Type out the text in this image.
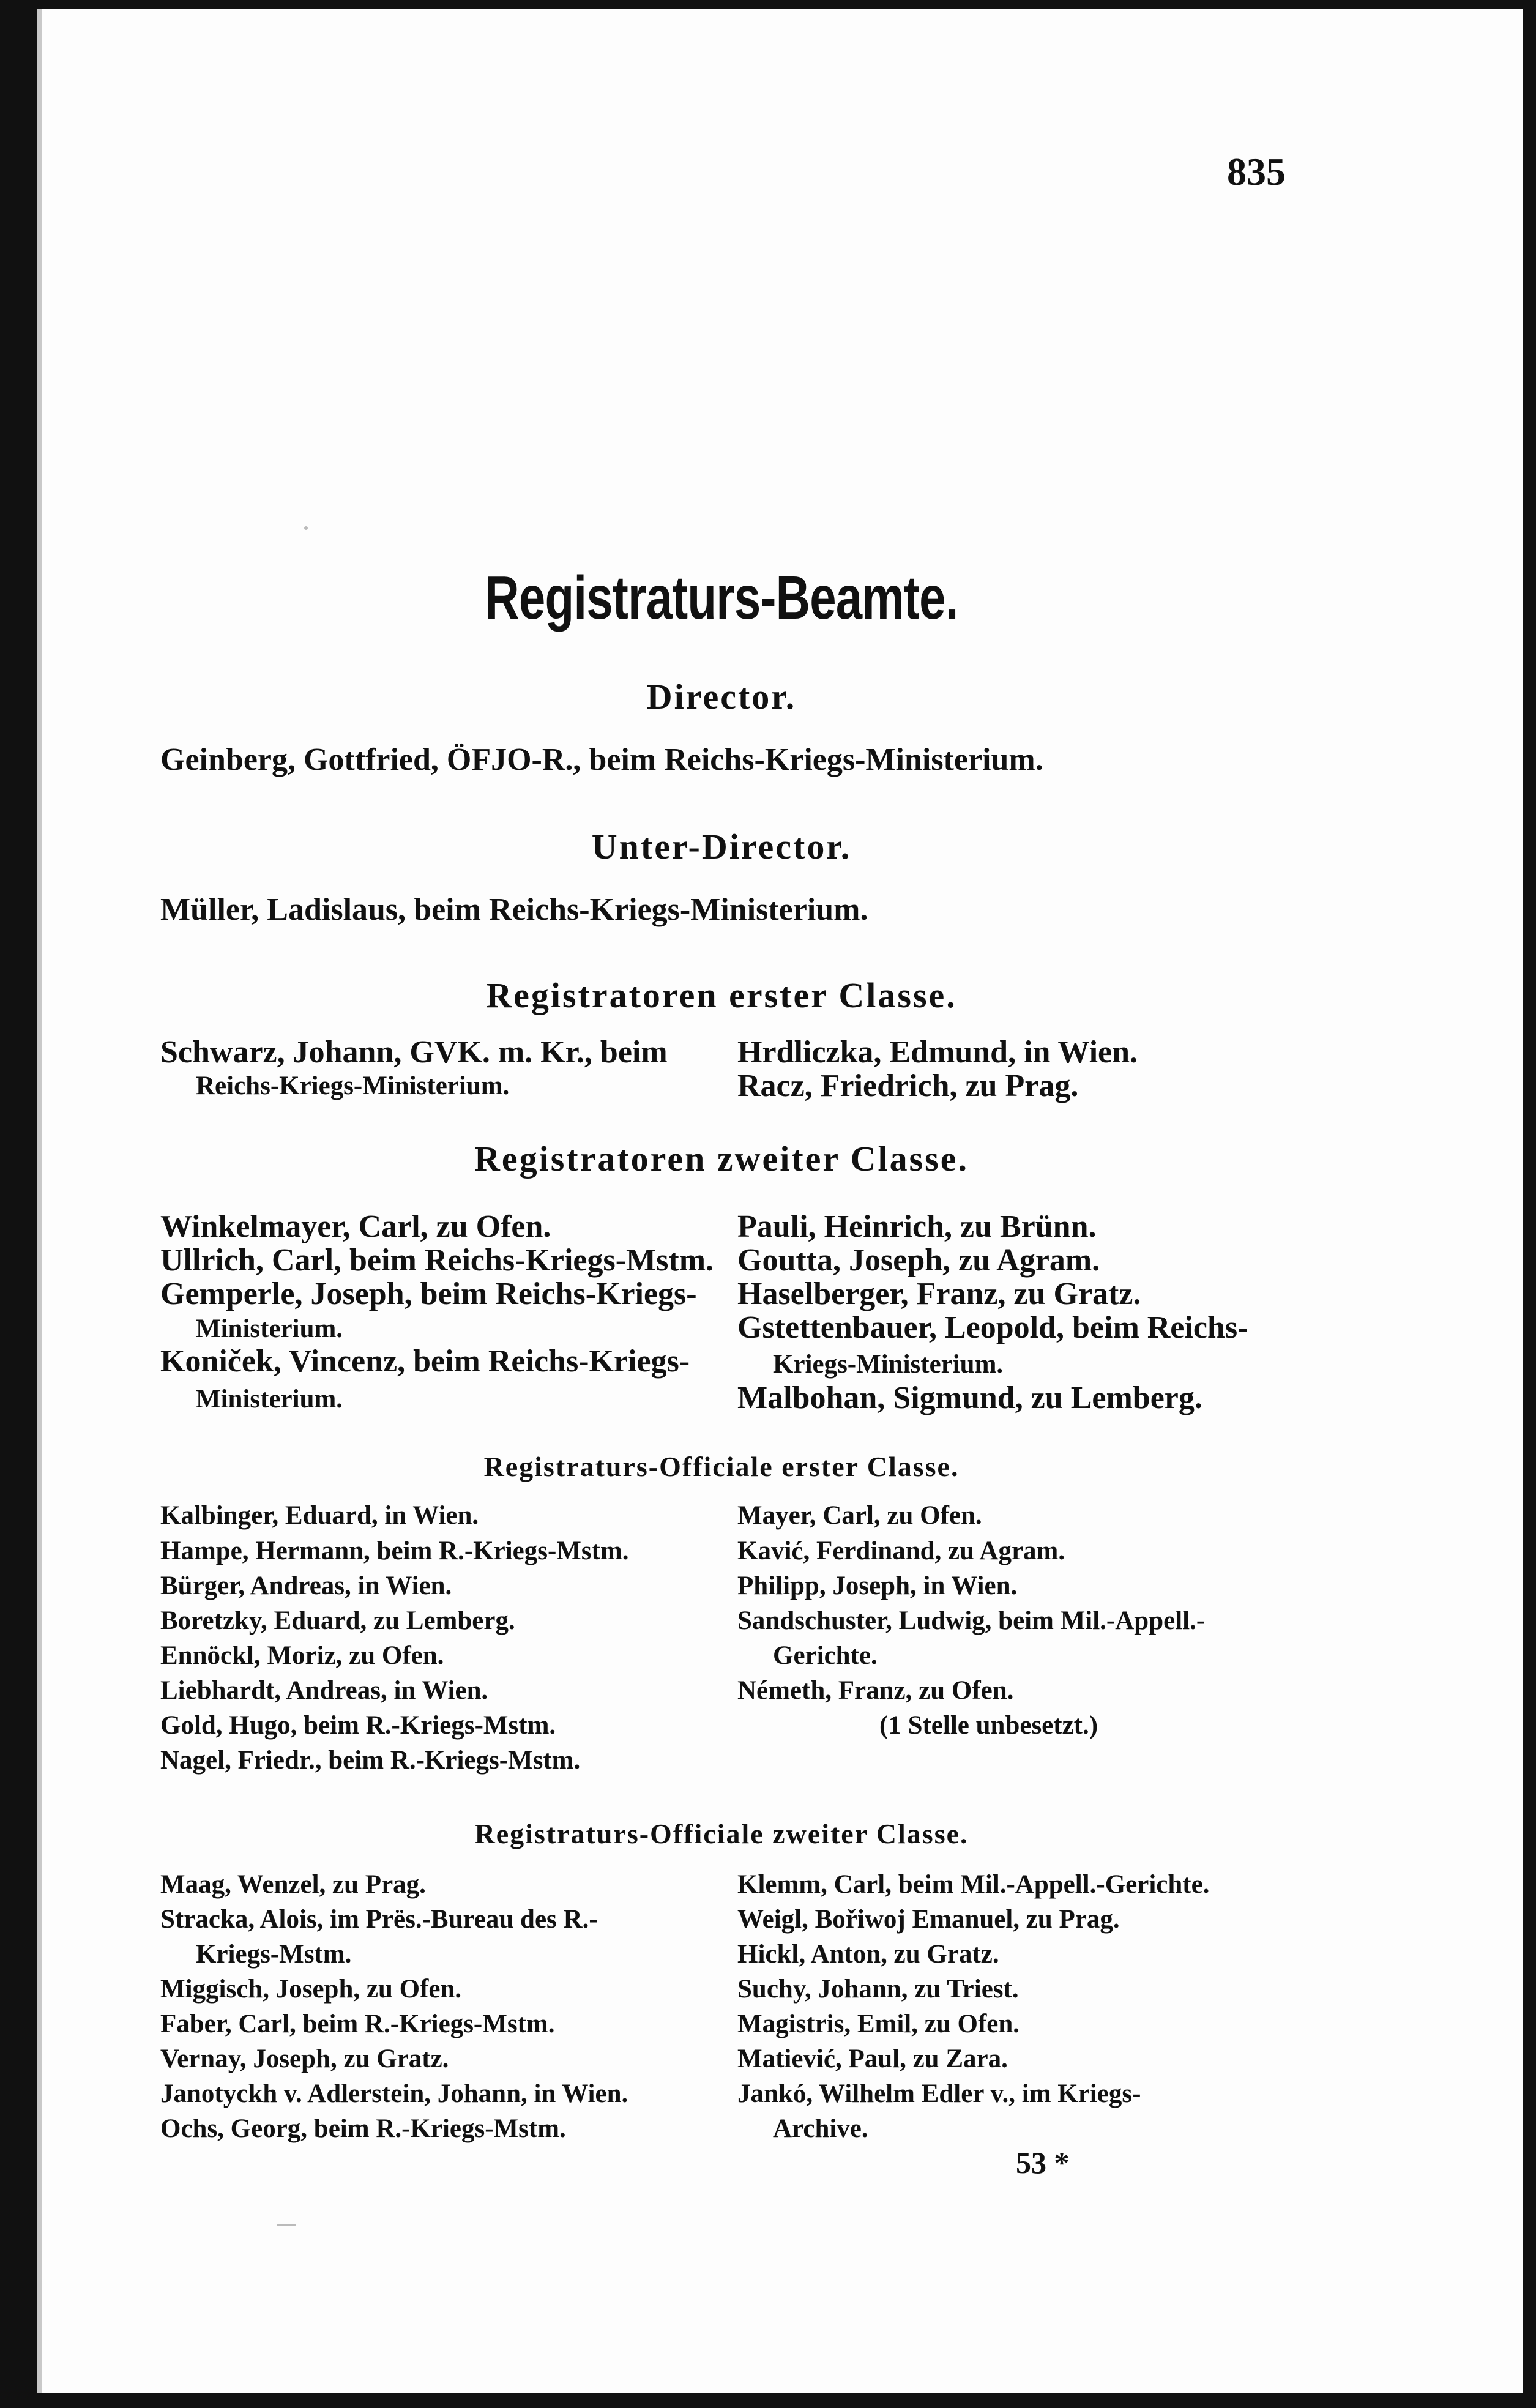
835
Registraturs-Beamte.
Director.
Geinberg, Gottfried, ÖFJO-R., beim Reichs-Kriegs-Ministerium.
Unter-Director.
Müller, Ladislaus, beim Reichs-Kriegs-Ministerium.
Registratoren erster Classe.
Schwarz, Johann, GVK. m. Kr., beim
Reichs-Kriegs-Ministerium.
Hrdliczka, Edmund, in Wien.
Racz, Friedrich, zu Prag.
Registratoren zweiter Classe.
Winkelmayer, Carl, zu Ofen.
Ullrich, Carl, beim Reichs-Kriegs-Mstm.
Gemperle, Joseph, beim Reichs-Kriegs-
Ministerium.
Koniček, Vincenz, beim Reichs-Kriegs-
Ministerium.
Pauli, Heinrich, zu Brünn.
Goutta, Joseph, zu Agram.
Haselberger, Franz, zu Gratz.
Gstettenbauer, Leopold, beim Reichs-
Kriegs-Ministerium.
Malbohan, Sigmund, zu Lemberg.
Registraturs-Officiale erster Classe.
Kalbinger, Eduard, in Wien.
Hampe, Hermann, beim R.-Kriegs-Mstm.
Bürger, Andreas, in Wien.
Boretzky, Eduard, zu Lemberg.
Ennöckl, Moriz, zu Ofen.
Liebhardt, Andreas, in Wien.
Gold, Hugo, beim R.-Kriegs-Mstm.
Nagel, Friedr., beim R.-Kriegs-Mstm.
Mayer, Carl, zu Ofen.
Kavić, Ferdinand, zu Agram.
Philipp, Joseph, in Wien.
Sandschuster, Ludwig, beim Mil.-Appell.-
Gerichte.
Németh, Franz, zu Ofen.
(1 Stelle unbesetzt.)
Registraturs-Officiale zweiter Classe.
Maag, Wenzel, zu Prag.
Stracka, Alois, im Prës.-Bureau des R.-
Kriegs-Mstm.
Miggisch, Joseph, zu Ofen.
Faber, Carl, beim R.-Kriegs-Mstm.
Vernay, Joseph, zu Gratz.
Janotyckh v. Adlerstein, Johann, in Wien.
Ochs, Georg, beim R.-Kriegs-Mstm.
Klemm, Carl, beim Mil.-Appell.-Gerichte.
Weigl, Bořiwoj Emanuel, zu Prag.
Hickl, Anton, zu Gratz.
Suchy, Johann, zu Triest.
Magistris, Emil, zu Ofen.
Matiević, Paul, zu Zara.
Jankó, Wilhelm Edler v., im Kriegs-
Archive.
53 *
